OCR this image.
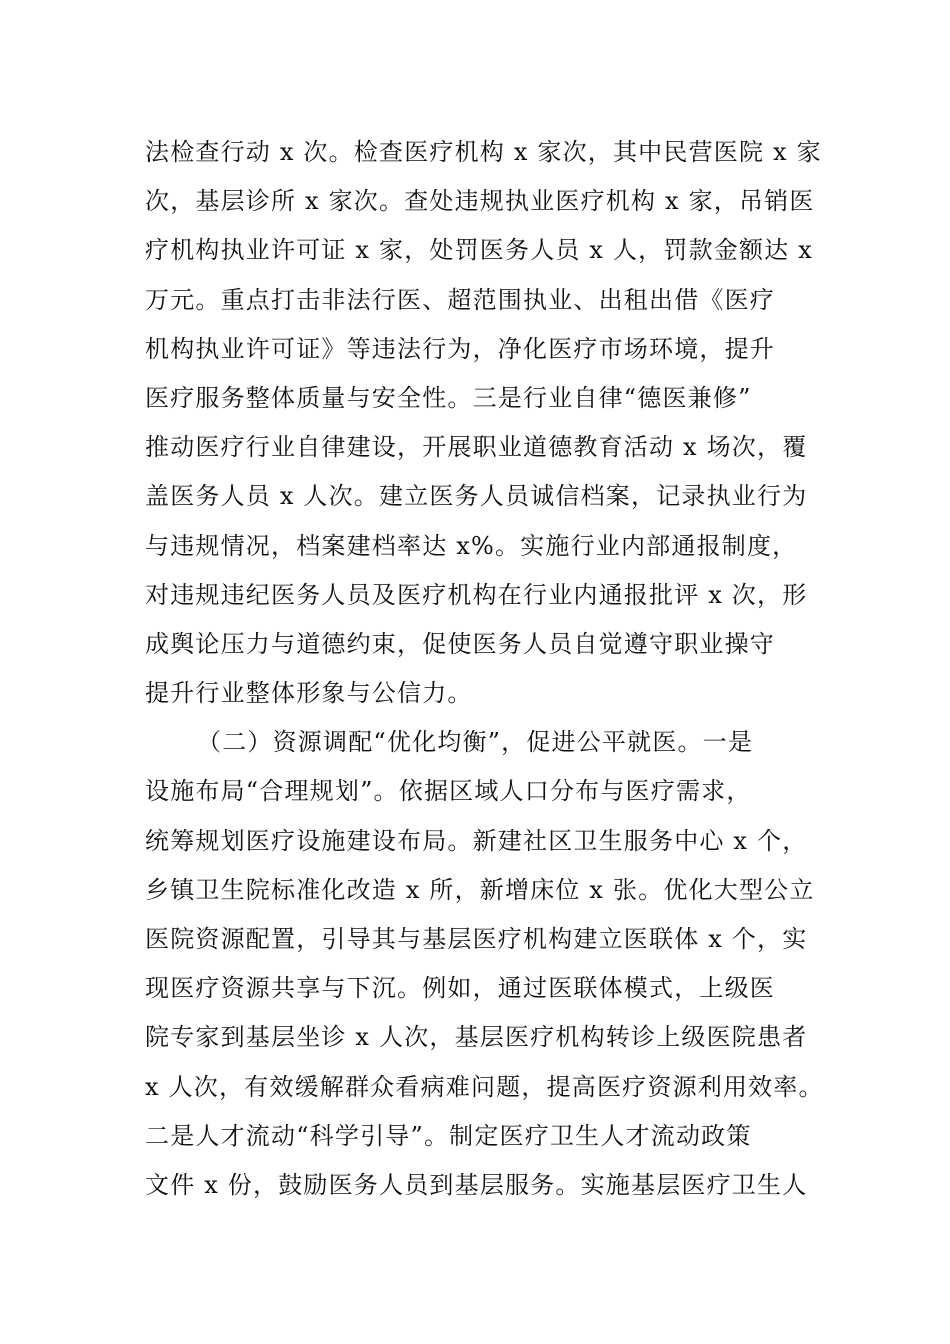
法检查行动 x 次。检查医疗机构 x 家次，其中民营医院 x 家
次，基层诊所 x 家次。查处违规执业医疗机构 x 家，吊销医
疗机构执业许可证 x 家，处罚医务人员 x 人，罚款金额达 x
万元。重点打击非法行医、超范围执业、出租出借《医疗
机构执业许可证》等违法行为，净化医疗市场环境，提升
医疗服务整体质量与安全性。三是行业自律“德医兼修”
推动医疗行业自律建设，开展职业道德教育活动 x 场次，覆
盖医务人员 x 人次。建立医务人员诚信档案，记录执业行为
与违规情况，档案建档率达 x%。实施行业内部通报制度，
对违规违纪医务人员及医疗机构在行业内通报批评 x 次，形
成舆论压力与道德约束，促使医务人员自觉遵守职业操守
提升行业整体形象与公信力。
（二）资源调配“优化均衡”，促进公平就医。一是
设施布局“合理规划”。依据区域人口分布与医疗需求，
统筹规划医疗设施建设布局。新建社区卫生服务中心 x 个，
乡镇卫生院标准化改造 x 所，新增床位 x 张。优化大型公立
医院资源配置，引导其与基层医疗机构建立医联体 x 个，实
现医疗资源共享与下沉。例如，通过医联体模式，上级医
院专家到基层坐诊 x 人次，基层医疗机构转诊上级医院患者
x 人次，有效缓解群众看病难问题，提高医疗资源利用效率。
二是人才流动“科学引导”。制定医疗卫生人才流动政策
文件 x 份，鼓励医务人员到基层服务。实施基层医疗卫生人
